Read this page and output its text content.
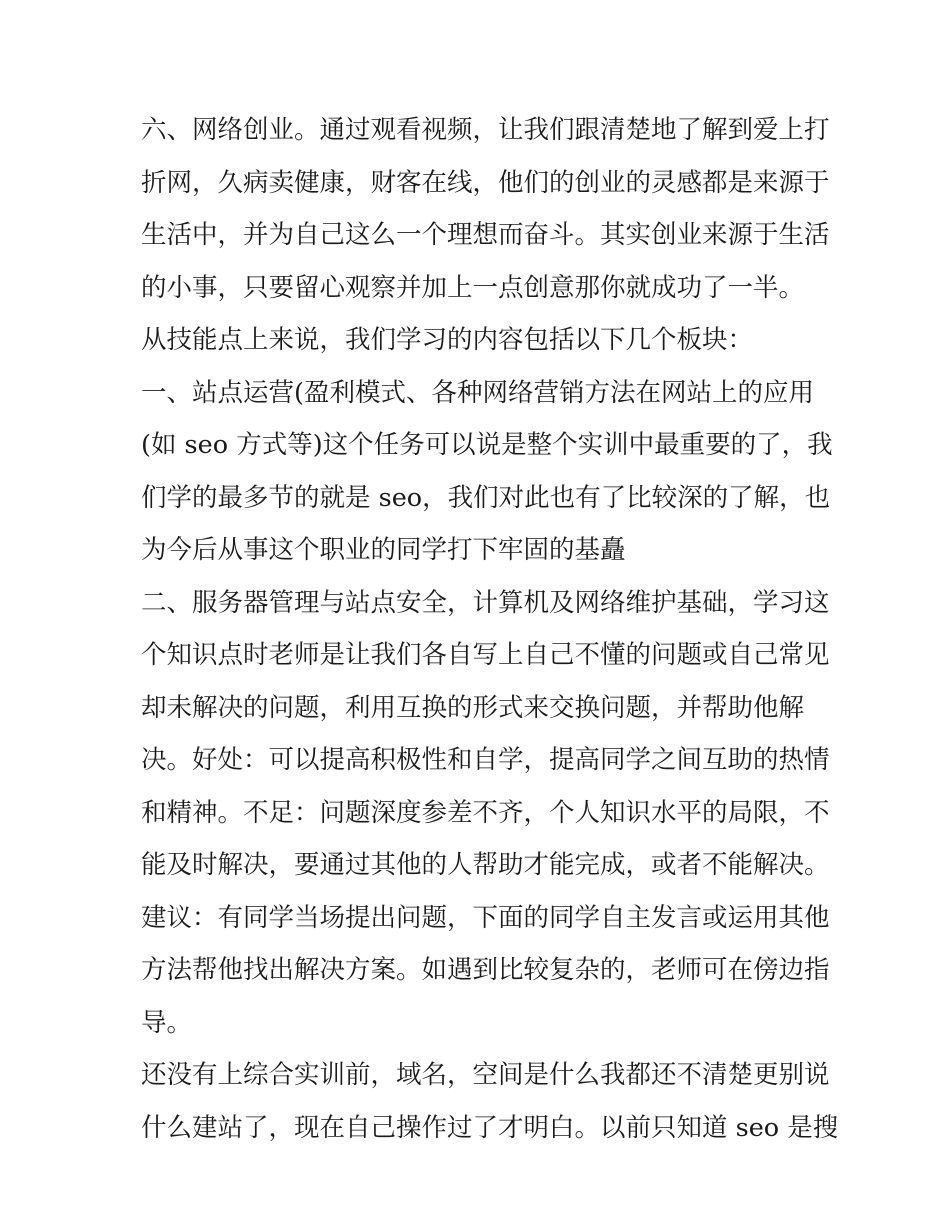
六、网络创业。通过观看视频，让我们跟清楚地了解到爱上打
折网，久病卖健康，财客在线，他们的创业的灵感都是来源于
生活中，并为自己这么一个理想而奋斗。其实创业来源于生活
的小事，只要留心观察并加上一点创意那你就成功了一半。
从技能点上来说，我们学习的内容包括以下几个板块：
一、站点运营(盈利模式、各种网络营销方法在网站上的应用
(如 seo 方式等)这个任务可以说是整个实训中最重要的了，我
们学的最多节的就是 seo，我们对此也有了比较深的了解，也
为今后从事这个职业的同学打下牢固的基矗
二、服务器管理与站点安全，计算机及网络维护基础，学习这
个知识点时老师是让我们各自写上自己不懂的问题或自己常见
却未解决的问题，利用互换的形式来交换问题，并帮助他解
决。好处：可以提高积极性和自学，提高同学之间互助的热情
和精神。不足：问题深度参差不齐，个人知识水平的局限，不
能及时解决，要通过其他的人帮助才能完成，或者不能解决。
建议：有同学当场提出问题，下面的同学自主发言或运用其他
方法帮他找出解决方案。如遇到比较复杂的，老师可在傍边指
导。
还没有上综合实训前，域名，空间是什么我都还不清楚更别说
什么建站了，现在自己操作过了才明白。以前只知道 seo 是搜
